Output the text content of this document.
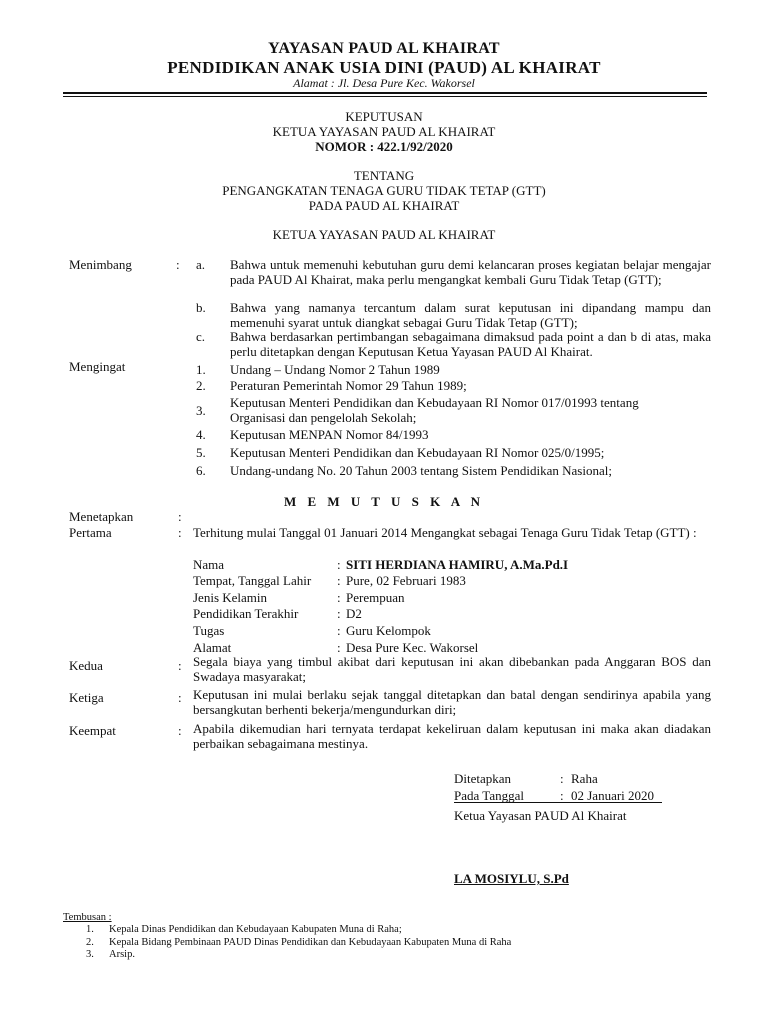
YAYASAN PAUD AL KHAIRAT
PENDIDIKAN ANAK USIA DINI (PAUD) AL KHAIRAT
Alamat : Jl. Desa Pure Kec. Wakorsel
KEPUTUSAN
KETUA YAYASAN PAUD AL KHAIRAT
NOMOR : 422.1/92/2020
TENTANG
PENGANGKATAN TENAGA GURU TIDAK TETAP (GTT)
PADA PAUD AL KHAIRAT
KETUA YAYASAN PAUD AL KHAIRAT
Menimbang	: a. Bahwa untuk memenuhi kebutuhan guru demi kelancaran proses kegiatan belajar mengajar pada PAUD Al Khairat, maka perlu mengangkat kembali Guru Tidak Tetap (GTT);
b. Bahwa yang namanya tercantum dalam surat keputusan ini dipandang mampu dan memenuhi syarat untuk diangkat sebagai Guru Tidak Tetap (GTT);
c. Bahwa berdasarkan pertimbangan sebagaimana dimaksud pada point a dan b di atas, maka perlu ditetapkan dengan Keputusan Ketua Yayasan PAUD Al Khairat.
Mengingat	1. Undang – Undang Nomor 2 Tahun 1989
2. Peraturan Pemerintah Nomor 29 Tahun 1989;
3.
Keputusan Menteri Pendidikan dan Kebudayaan RI Nomor 017/01993 tentang
Organisasi dan pengelolah Sekolah;
4. Keputusan MENPAN Nomor 84/1993
5. Keputusan Menteri Pendidikan dan Kebudayaan RI Nomor 025/0/1995;
6. Undang-undang No. 20 Tahun 2003 tentang Sistem Pendidikan Nasional;
M E M U T U S K A N
Menetapkan	:
Pertama	: Terhitung mulai Tanggal 01 Januari 2014 Mengangkat sebagai Tenaga Guru Tidak Tetap (GTT) :
Nama	: SITI HERDIANA HAMIRU, A.Ma.Pd.I
Tempat, Tanggal Lahir : Pure, 02 Februari 1983
Jenis Kelamin	: Perempuan
Pendidikan Terakhir	: D2
Tugas	: Guru Kelompok
Alamat	: Desa Pure Kec. Wakorsel
Kedua	: Segala biaya yang timbul akibat dari keputusan ini akan dibebankan pada Anggaran BOS dan Swadaya masyarakat;
Ketiga	: Keputusan ini mulai berlaku sejak tanggal ditetapkan dan batal dengan sendirinya apabila yang bersangkutan berhenti bekerja/mengundurkan diri;
Keempat	: Apabila dikemudian hari ternyata terdapat kekeliruan dalam keputusan ini maka akan diadakan perbaikan sebagaimana mestinya.
Ditetapkan	: Raha
Pada Tanggal	: 02 Januari 2020
Ketua Yayasan PAUD Al Khairat
LA MOSIYLU, S.Pd
Tembusan :
1. Kepala Dinas Pendidikan dan Kebudayaan Kabupaten Muna di Raha;
2. Kepala Bidang Pembinaan PAUD Dinas Pendidikan dan Kebudayaan Kabupaten Muna di Raha
3. Arsip.
